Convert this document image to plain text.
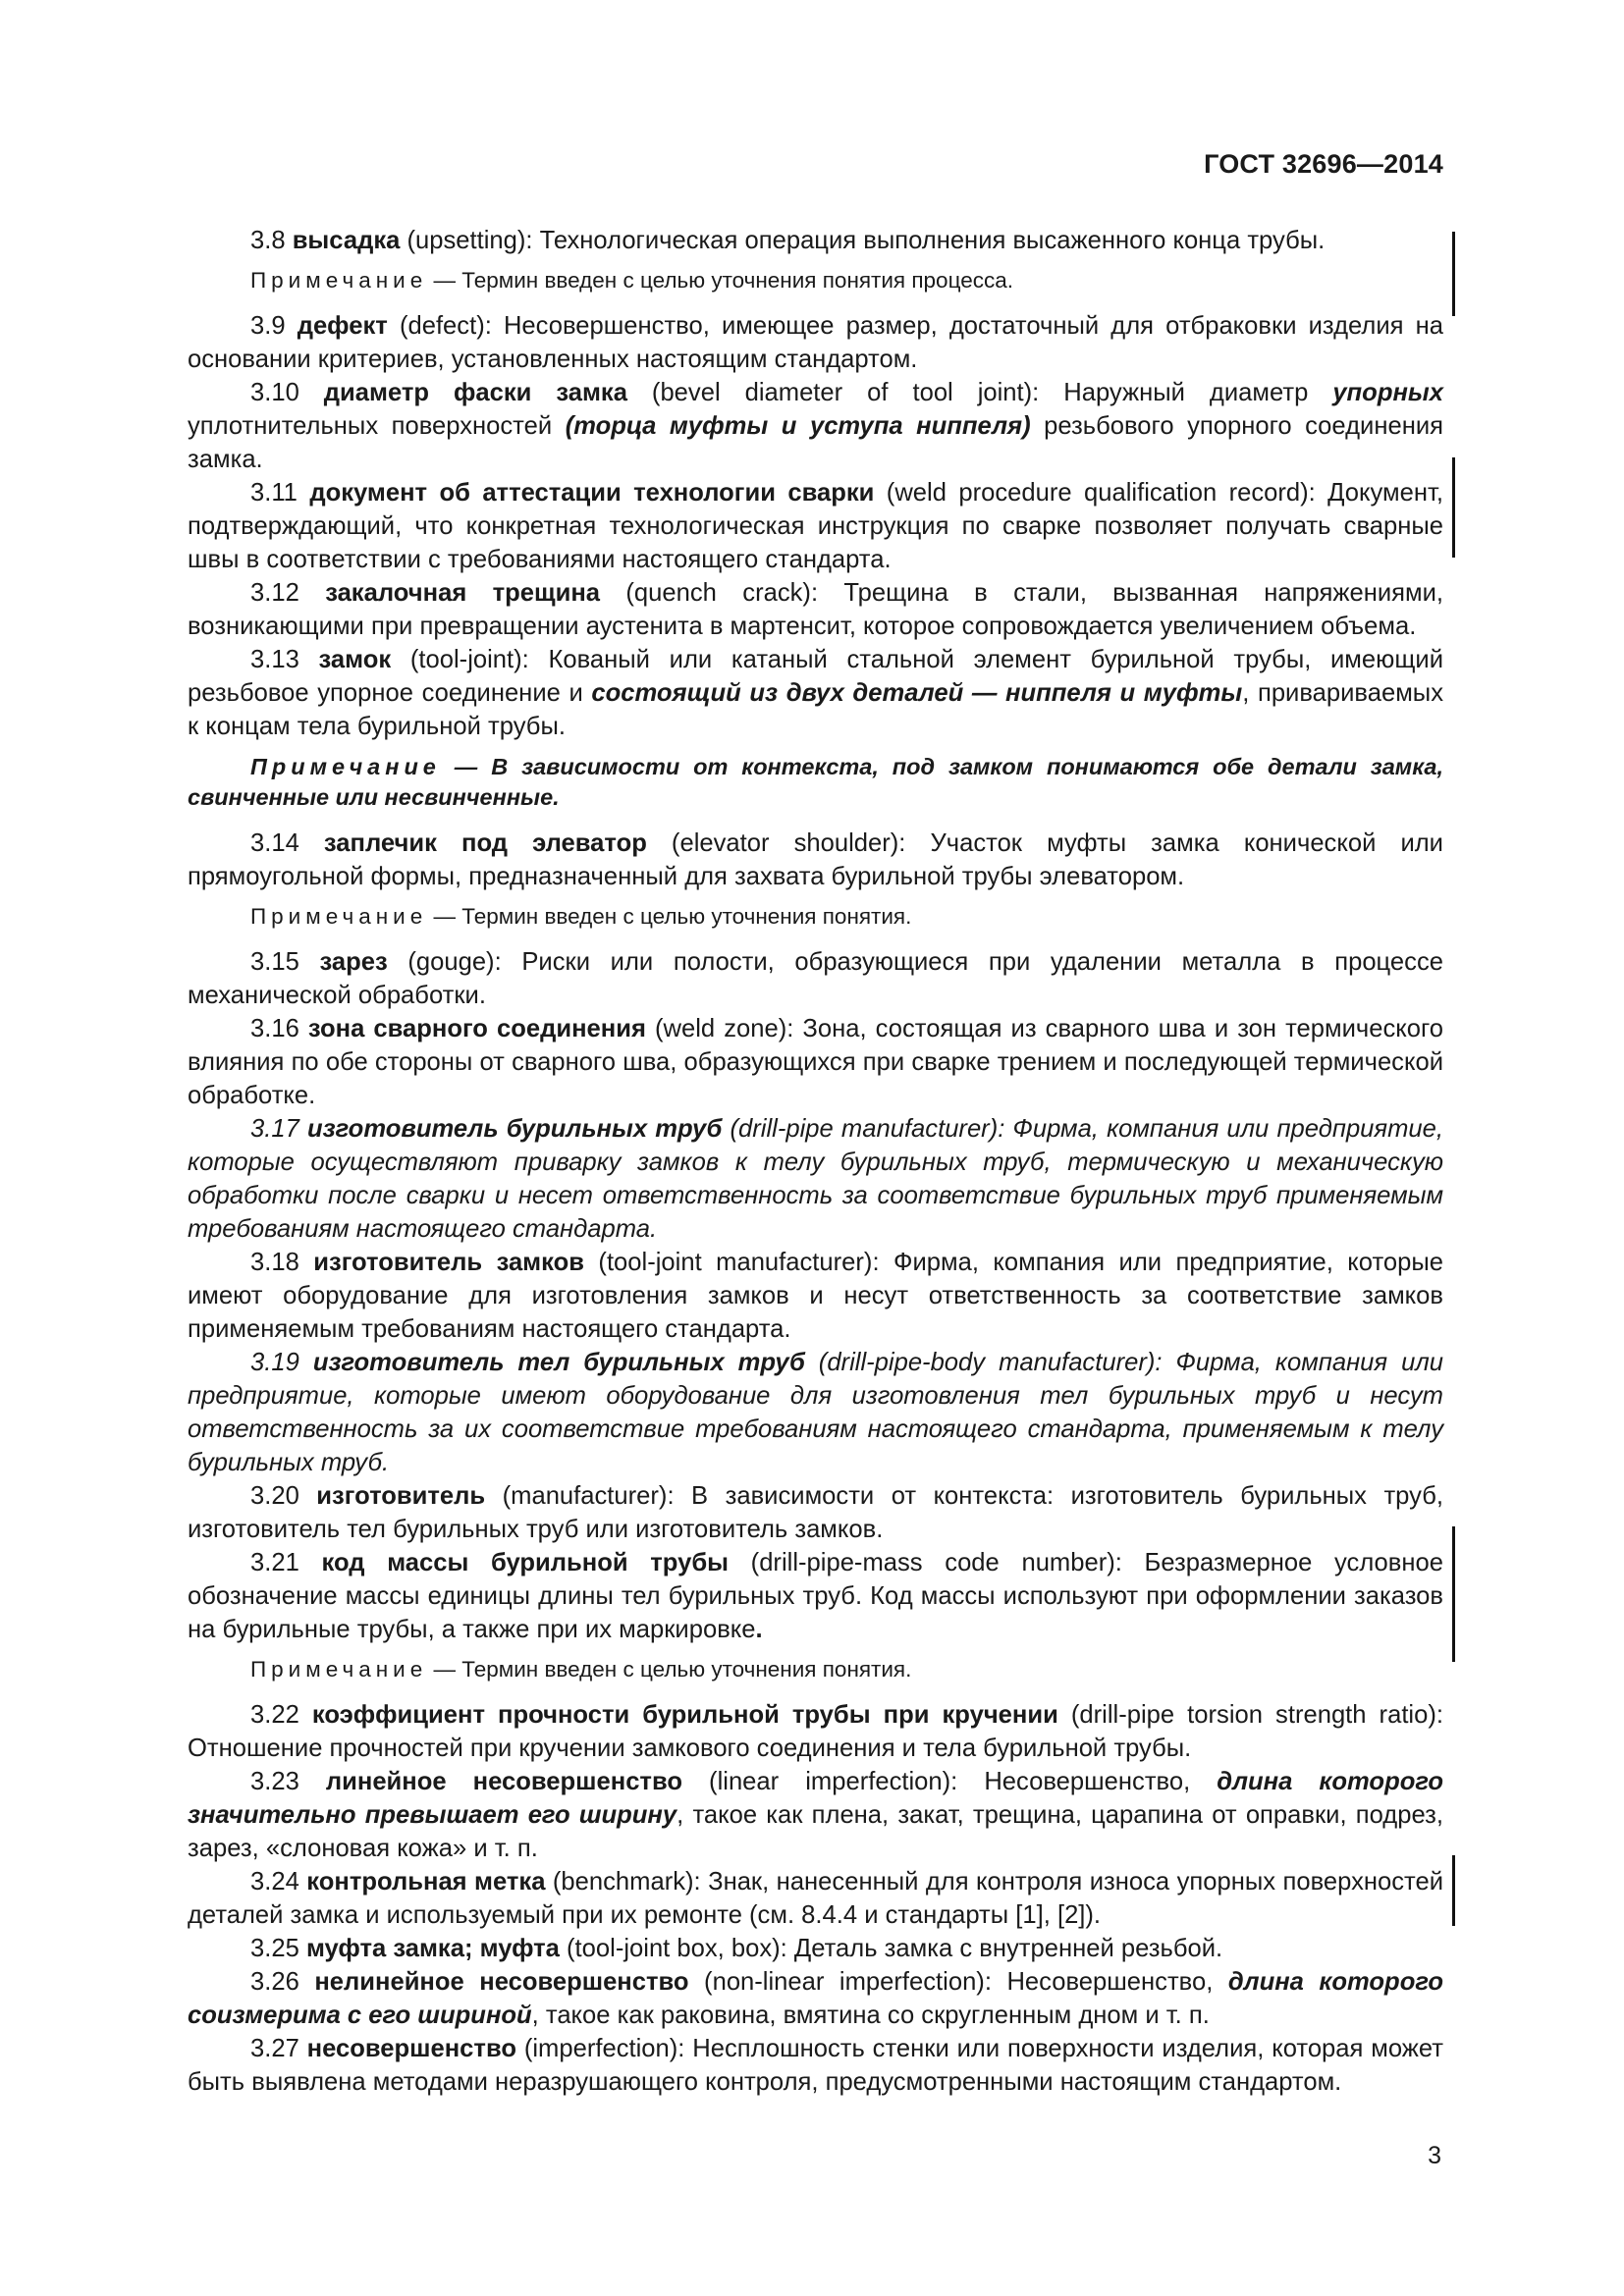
ГОСТ 32696—2014

3.8 высадка (upsetting): Технологическая операция выполнения высаженного конца трубы.

Примечание — Термин введен с целью уточнения понятия процесса.

3.9 дефект (defect): Несовершенство, имеющее размер, достаточный для отбраковки изделия на основании критериев, установленных настоящим стандартом.

3.10 диаметр фаски замка (bevel diameter of tool joint): Наружный диаметр упорных уплотнительных поверхностей (торца муфты и уступа ниппеля) резьбового упорного соединения замка.

3.11 документ об аттестации технологии сварки (weld procedure qualification record): Документ, подтверждающий, что конкретная технологическая инструкция по сварке позволяет получать сварные швы в соответствии с требованиями настоящего стандарта.

3.12 закалочная трещина (quench crack): Трещина в стали, вызванная напряжениями, возникающими при превращении аустенита в мартенсит, которое сопровождается увеличением объема.

3.13 замок (tool-joint): Кованый или катаный стальной элемент бурильной трубы, имеющий резьбовое упорное соединение и состоящий из двух деталей — ниппеля и муфты, привариваемых к концам тела бурильной трубы.

Примечание — В зависимости от контекста, под замком понимаются обе детали замка, свинченные или несвинченные.

3.14 заплечик под элеватор (elevator shoulder): Участок муфты замка конической или прямоугольной формы, предназначенный для захвата бурильной трубы элеватором.

Примечание — Термин введен с целью уточнения понятия.

3.15 зарез (gouge): Риски или полости, образующиеся при удалении металла в процессе механической обработки.

3.16 зона сварного соединения (weld zone): Зона, состоящая из сварного шва и зон термического влияния по обе стороны от сварного шва, образующихся при сварке трением и последующей термической обработке.

3.17 изготовитель бурильных труб (drill-pipe manufacturer): Фирма, компания или предприятие, которые осуществляют приварку замков к телу бурильных труб, термическую и механическую обработки после сварки и несет ответственность за соответствие бурильных труб применяемым требованиям настоящего стандарта.

3.18 изготовитель замков (tool-joint manufacturer): Фирма, компания или предприятие, которые имеют оборудование для изготовления замков и несут ответственность за соответствие замков применяемым требованиям настоящего стандарта.

3.19 изготовитель тел бурильных труб (drill-pipe-body manufacturer): Фирма, компания или предприятие, которые имеют оборудование для изготовления тел бурильных труб и несут ответственность за их соответствие требованиям настоящего стандарта, применяемым к телу бурильных труб.

3.20 изготовитель (manufacturer): В зависимости от контекста: изготовитель бурильных труб, изготовитель тел бурильных труб или изготовитель замков.

3.21 код массы бурильной трубы (drill-pipe-mass code number): Безразмерное условное обозначение массы единицы длины тел бурильных труб. Код массы используют при оформлении заказов на бурильные трубы, а также при их маркировке.

Примечание — Термин введен с целью уточнения понятия.

3.22 коэффициент прочности бурильной трубы при кручении (drill-pipe torsion strength ratio): Отношение прочностей при кручении замкового соединения и тела бурильной трубы.

3.23 линейное несовершенство (linear imperfection): Несовершенство, длина которого значительно превышает его ширину, такое как плена, закат, трещина, царапина от оправки, подрез, зарез, «слоновая кожа» и т. п.

3.24 контрольная метка (benchmark): Знак, нанесенный для контроля износа упорных поверхностей деталей замка и используемый при их ремонте (см. 8.4.4 и стандарты [1], [2]).

3.25 муфта замка; муфта (tool-joint box, box): Деталь замка с внутренней резьбой.

3.26 нелинейное несовершенство (non-linear imperfection): Несовершенство, длина которого соизмерима с его шириной, такое как раковина, вмятина со скругленным дном и т. п.

3.27 несовершенство (imperfection): Несплошность стенки или поверхности изделия, которая может быть выявлена методами неразрушающего контроля, предусмотренными настоящим стандартом.

3
